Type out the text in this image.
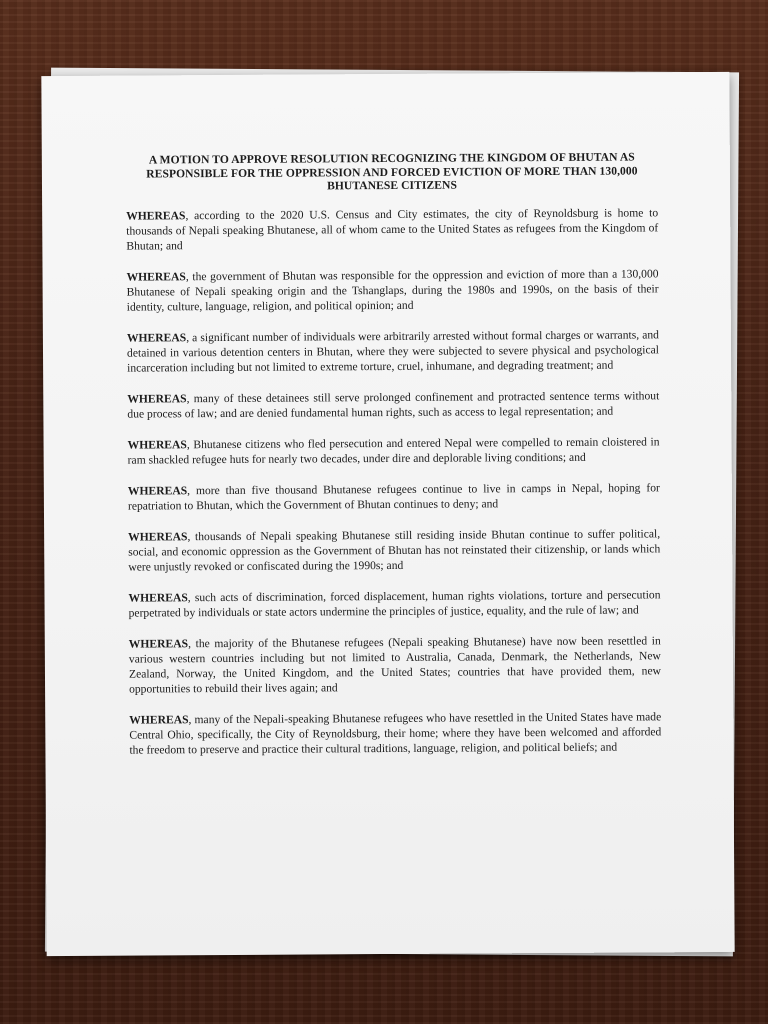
A MOTION TO APPROVE RESOLUTION RECOGNIZING THE KINGDOM OF BHUTAN AS RESPONSIBLE FOR THE OPPRESSION AND FORCED EVICTION OF MORE THAN 130,000 BHUTANESE CITIZENS

WHEREAS, according to the 2020 U.S. Census and City estimates, the city of Reynoldsburg is home to thousands of Nepali speaking Bhutanese, all of whom came to the United States as refugees from the Kingdom of Bhutan; and

WHEREAS, the government of Bhutan was responsible for the oppression and eviction of more than a 130,000 Bhutanese of Nepali speaking origin and the Tshanglaps, during the 1980s and 1990s, on the basis of their identity, culture, language, religion, and political opinion; and

WHEREAS, a significant number of individuals were arbitrarily arrested without formal charges or warrants, and detained in various detention centers in Bhutan, where they were subjected to severe physical and psychological incarceration including but not limited to extreme torture, cruel, inhumane, and degrading treatment; and

WHEREAS, many of these detainees still serve prolonged confinement and protracted sentence terms without due process of law; and are denied fundamental human rights, such as access to legal representation; and

WHEREAS, Bhutanese citizens who fled persecution and entered Nepal were compelled to remain cloistered in ram shackled refugee huts for nearly two decades, under dire and deplorable living conditions; and

WHEREAS, more than five thousand Bhutanese refugees continue to live in camps in Nepal, hoping for repatriation to Bhutan, which the Government of Bhutan continues to deny; and

WHEREAS, thousands of Nepali speaking Bhutanese still residing inside Bhutan continue to suffer political, social, and economic oppression as the Government of Bhutan has not reinstated their citizenship, or lands which were unjustly revoked or confiscated during the 1990s; and

WHEREAS, such acts of discrimination, forced displacement, human rights violations, torture and persecution perpetrated by individuals or state actors undermine the principles of justice, equality, and the rule of law; and

WHEREAS, the majority of the Bhutanese refugees (Nepali speaking Bhutanese) have now been resettled in various western countries including but not limited to Australia, Canada, Denmark, the Netherlands, New Zealand, Norway, the United Kingdom, and the United States; countries that have provided them, new opportunities to rebuild their lives again; and

WHEREAS, many of the Nepali-speaking Bhutanese refugees who have resettled in the United States have made Central Ohio, specifically, the City of Reynoldsburg, their home; where they have been welcomed and afforded the freedom to preserve and practice their cultural traditions, language, religion, and political beliefs; and
